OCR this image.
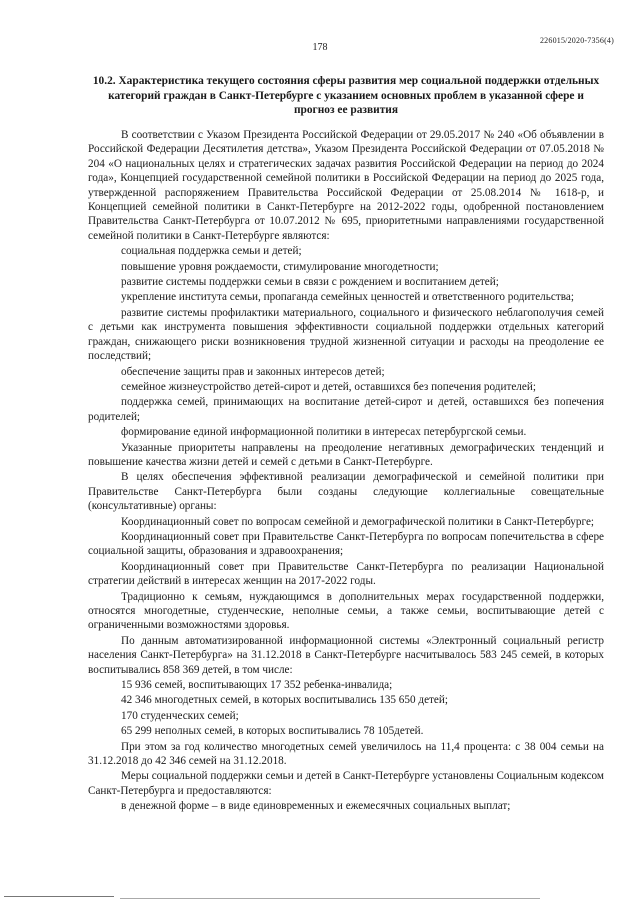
226015/2020-7356(4)
178
10.2. Характеристика текущего состояния сферы развития мер социальной поддержки отдельных категорий граждан в Санкт-Петербурге с указанием основных проблем в указанной сфере и прогноз ее развития

В соответствии с Указом Президента Российской Федерации от 29.05.2017 № 240 «Об объявлении в Российской Федерации Десятилетия детства», Указом Президента Российской Федерации от 07.05.2018 № 204 «О национальных целях и стратегических задачах развития Российской Федерации на период до 2024 года», Концепцией государственной семейной политики в Российской Федерации на период до 2025 года, утвержденной распоряжением Правительства Российской Федерации от 25.08.2014 № 1618-р, и Концепцией семейной политики в Санкт-Петербурге на 2012-2022 годы, одобренной постановлением Правительства Санкт-Петербурга от 10.07.2012 № 695, приоритетными направлениями государственной семейной политики в Санкт-Петербурге являются:

социальная поддержка семьи и детей;

повышение уровня рождаемости, стимулирование многодетности;

развитие системы поддержки семьи в связи с рождением и воспитанием детей;

укрепление института семьи, пропаганда семейных ценностей и ответственного родительства;

развитие системы профилактики материального, социального и физического неблагополучия семей с детьми как инструмента повышения эффективности социальной поддержки отдельных категорий граждан, снижающего риски возникновения трудной жизненной ситуации и расходы на преодоление ее последствий;

обеспечение защиты прав и законных интересов детей;

семейное жизнеустройство детей-сирот и детей, оставшихся без попечения родителей;

поддержка семей, принимающих на воспитание детей-сирот и детей, оставшихся без попечения родителей;

формирование единой информационной политики в интересах петербургской семьи.

Указанные приоритеты направлены на преодоление негативных демографических тенденций и повышение качества жизни детей и семей с детьми в Санкт-Петербурге.

В целях обеспечения эффективной реализации демографической и семейной политики при Правительстве Санкт-Петербурга были созданы следующие коллегиальные совещательные (консультативные) органы:

Координационный совет по вопросам семейной и демографической политики в Санкт-Петербурге;

Координационный совет при Правительстве Санкт-Петербурга по вопросам попечительства в сфере социальной защиты, образования и здравоохранения;

Координационный совет при Правительстве Санкт-Петербурга по реализации Национальной стратегии действий в интересах женщин на 2017-2022 годы.

Традиционно к семьям, нуждающимся в дополнительных мерах государственной поддержки, относятся многодетные, студенческие, неполные семьи, а также семьи, воспитывающие детей с ограниченными возможностями здоровья.

По данным автоматизированной информационной системы «Электронный социальный регистр населения Санкт-Петербурга» на 31.12.2018 в Санкт-Петербурге насчитывалось 583 245 семей, в которых воспитывались 858 369 детей, в том числе:

15 936 семей, воспитывающих 17 352 ребенка-инвалида;

42 346 многодетных семей, в которых воспитывались 135 650 детей;

170 студенческих семей;

65 299 неполных семей, в которых воспитывались 78 105детей.

При этом за год количество многодетных семей увеличилось на 11,4 процента: с 38 004 семьи на 31.12.2018 до 42 346 семей на 31.12.2018.

Меры социальной поддержки семьи и детей в Санкт-Петербурге установлены Социальным кодексом Санкт-Петербурга и предоставляются:

в денежной форме – в виде единовременных и ежемесячных социальных выплат;
